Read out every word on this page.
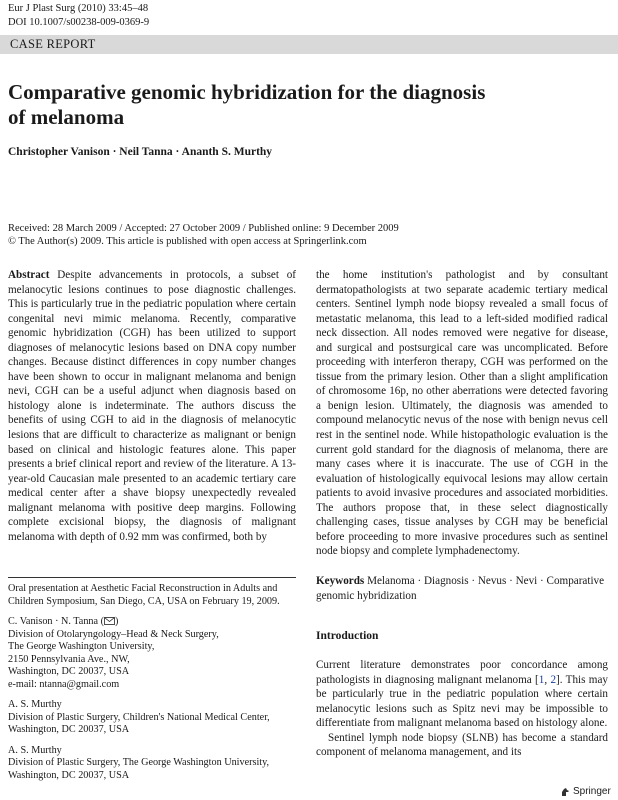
Eur J Plast Surg (2010) 33:45–48
DOI 10.1007/s00238-009-0369-9
CASE REPORT
Comparative genomic hybridization for the diagnosis
of melanoma
Christopher Vanison · Neil Tanna · Ananth S. Murthy
Received: 28 March 2009 / Accepted: 27 October 2009 / Published online: 9 December 2009
© The Author(s) 2009. This article is published with open access at Springerlink.com

Abstract Despite advancements in protocols, a subset of melanocytic lesions continues to pose diagnostic challenges. This is particularly true in the pediatric population where certain congenital nevi mimic melanoma. Recently, comparative genomic hybridization (CGH) has been utilized to support diagnoses of melanocytic lesions based on DNA copy number changes. Because distinct differences in copy number changes have been shown to occur in malignant melanoma and benign nevi, CGH can be a useful adjunct when diagnosis based on histology alone is indeterminate. The authors discuss the benefits of using CGH to aid in the diagnosis of melanocytic lesions that are difficult to characterize as malignant or benign based on clinical and histologic features alone. This paper presents a brief clinical report and review of the literature. A 13-year-old Caucasian male presented to an academic tertiary care medical center after a shave biopsy unexpectedly revealed malignant melanoma with positive deep margins. Following complete excisional biopsy, the diagnosis of malignant melanoma with depth of 0.92 mm was confirmed, both by

Oral presentation at Aesthetic Facial Reconstruction in Adults and Children Symposium, San Diego, CA, USA on February 19, 2009.

C. Vanison · N. Tanna ( )
Division of Otolaryngology–Head & Neck Surgery,
The George Washington University,
2150 Pennsylvania Ave., NW,
Washington, DC 20037, USA
e-mail: ntanna@gmail.com

A. S. Murthy
Division of Plastic Surgery, Children's National Medical Center,
Washington, DC 20037, USA

A. S. Murthy
Division of Plastic Surgery, The George Washington University,
Washington, DC 20037, USA

the home institution's pathologist and by consultant dermatopathologists at two separate academic tertiary medical centers. Sentinel lymph node biopsy revealed a small focus of metastatic melanoma, this lead to a left-sided modified radical neck dissection. All nodes removed were negative for disease, and surgical and postsurgical care was uncomplicated. Before proceeding with interferon therapy, CGH was performed on the tissue from the primary lesion. Other than a slight amplification of chromosome 16p, no other aberrations were detected favoring a benign lesion. Ultimately, the diagnosis was amended to compound melanocytic nevus of the nose with benign nevus cell rest in the sentinel node. While histopathologic evaluation is the current gold standard for the diagnosis of melanoma, there are many cases where it is inaccurate. The use of CGH in the evaluation of histologically equivocal lesions may allow certain patients to avoid invasive procedures and associated morbidities. The authors propose that, in these select diagnostically challenging cases, tissue analyses by CGH may be beneficial before proceeding to more invasive procedures such as sentinel node biopsy and complete lymphadenectomy.

Keywords Melanoma · Diagnosis · Nevus · Nevi · Comparative genomic hybridization
Introduction

Current literature demonstrates poor concordance among pathologists in diagnosing malignant melanoma [1, 2]. This may be particularly true in the pediatric population where certain melanocytic lesions such as Spitz nevi may be impossible to differentiate from malignant melanoma based on histology alone.

Sentinel lymph node biopsy (SLNB) has become a standard component of melanoma management, and its

Springer
